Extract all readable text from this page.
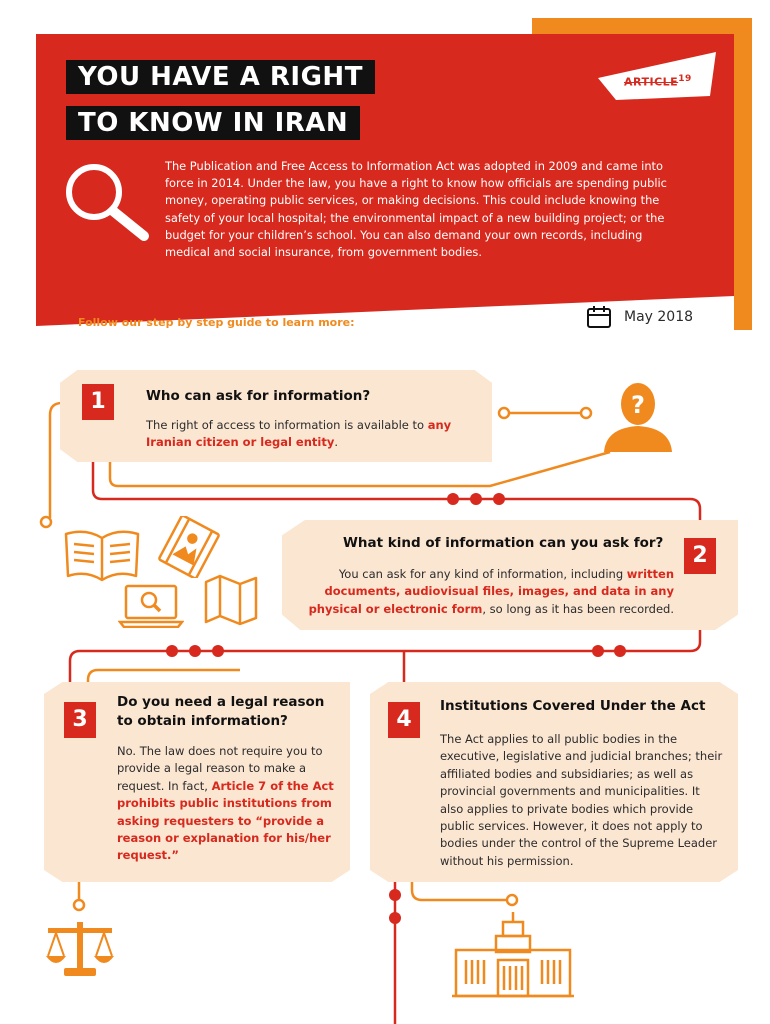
YOU HAVE A RIGHT
TO KNOW IN IRAN
ARTICLE$^{19}$
The Publication and Free Access to Information Act was adopted in 2009 and came into force in 2014. Under the law, you have a right to know how officials are spending public money, operating public services, or making decisions. This could include knowing the safety of your local hospital; the environmental impact of a new building project; or the budget for your children’s school. You can also demand your own records, including medical and social insurance, from government bodies.
Follow our step by step guide to learn more:	May 2018
1	Who can ask for information?
The right of access to information is available to any Iranian citizen or legal entity.
?
2
What kind of information can you ask for?
You can ask for any kind of information, including written documents, audiovisual files, images, and data in any physical or electronic form, so long as it has been recorded.
3
Do you need a legal reason
to obtain information?
No. The law does not require you to provide a legal reason to make a request. In fact, Article 7 of the Act prohibits public institutions from asking requesters to “provide a reason or explanation for his/her request.”
4
Institutions Covered Under the Act
The Act applies to all public bodies in the executive, legislative and judicial branches; their affiliated bodies and subsidiaries; as well as provincial governments and municipalities. It also applies to private bodies which provide public services. However, it does not apply to bodies under the control of the Supreme Leader without his permission.
